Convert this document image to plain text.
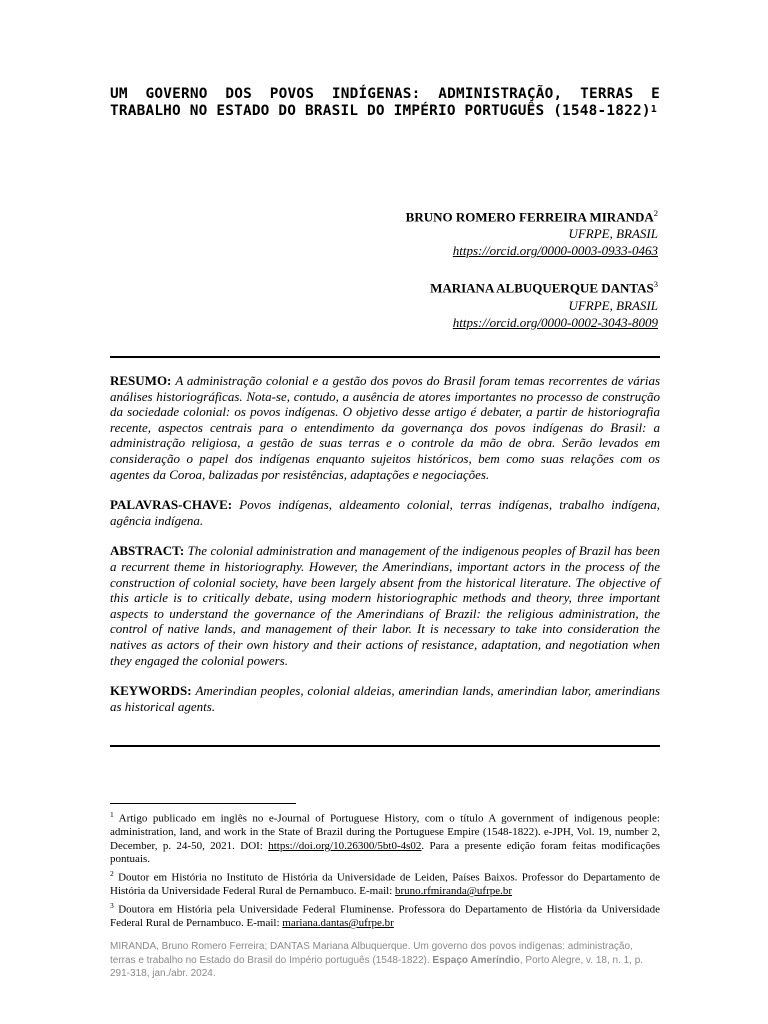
UM GOVERNO DOS POVOS INDÍGENAS: ADMINISTRAÇÃO, TERRAS E TRABALHO NO ESTADO DO BRASIL DO IMPÉRIO PORTUGUÊS (1548-1822)$^1$
BRUNO ROMERO FERREIRA MIRANDA$^2$
UFRPE, BRASIL
https://orcid.org/0000-0003-0933-0463
MARIANA ALBUQUERQUE DANTAS$^3$
UFRPE, BRASIL
https://orcid.org/0000-0002-3043-8009

RESUMO: A administração colonial e a gestão dos povos do Brasil foram temas recorrentes de várias análises historiográficas. Nota-se, contudo, a ausência de atores importantes no processo de construção da sociedade colonial: os povos indígenas. O objetivo desse artigo é debater, a partir de historiografia recente, aspectos centrais para o entendimento da governança dos povos indígenas do Brasil: a administração religiosa, a gestão de suas terras e o controle da mão de obra. Serão levados em consideração o papel dos indígenas enquanto sujeitos históricos, bem como suas relações com os agentes da Coroa, balizadas por resistências, adaptações e negociações.

PALAVRAS-CHAVE: Povos indígenas, aldeamento colonial, terras indígenas, trabalho indígena, agência indígena.

ABSTRACT: The colonial administration and management of the indigenous peoples of Brazil has been a recurrent theme in historiography. However, the Amerindians, important actors in the process of the construction of colonial society, have been largely absent from the historical literature. The objective of this article is to critically debate, using modern historiographic methods and theory, three important aspects to understand the governance of the Amerindians of Brazil: the religious administration, the control of native lands, and management of their labor. It is necessary to take into consideration the natives as actors of their own history and their actions of resistance, adaptation, and negotiation when they engaged the colonial powers.

KEYWORDS: Amerindian peoples, colonial aldeias, amerindian lands, amerindian labor, amerindians as historical agents.

$^1$ Artigo publicado em inglês no e-Journal of Portuguese History, com o título A government of indigenous people: administration, land, and work in the State of Brazil during the Portuguese Empire (1548-1822). e-JPH, Vol. 19, number 2, December, p. 24-50, 2021. DOI: https://doi.org/10.26300/5bt0-4s02. Para a presente edição foram feitas modificações pontuais.

$^2$ Doutor em História no Instituto de História da Universidade de Leiden, Países Baixos. Professor do Departamento de História da Universidade Federal Rural de Pernambuco. E-mail: bruno.rfmiranda@ufrpe.br

$^3$ Doutora em História pela Universidade Federal Fluminense. Professora do Departamento de História da Universidade Federal Rural de Pernambuco. E-mail: mariana.dantas@ufrpe.br

MIRANDA, Bruno Romero Ferreira; DANTAS Mariana Albuquerque. Um governo dos povos indígenas: administração, terras e trabalho no Estado do Brasil do Império português (1548-1822). Espaço Ameríndio, Porto Alegre, v. 18, n. 1, p. 291-318, jan./abr. 2024.
